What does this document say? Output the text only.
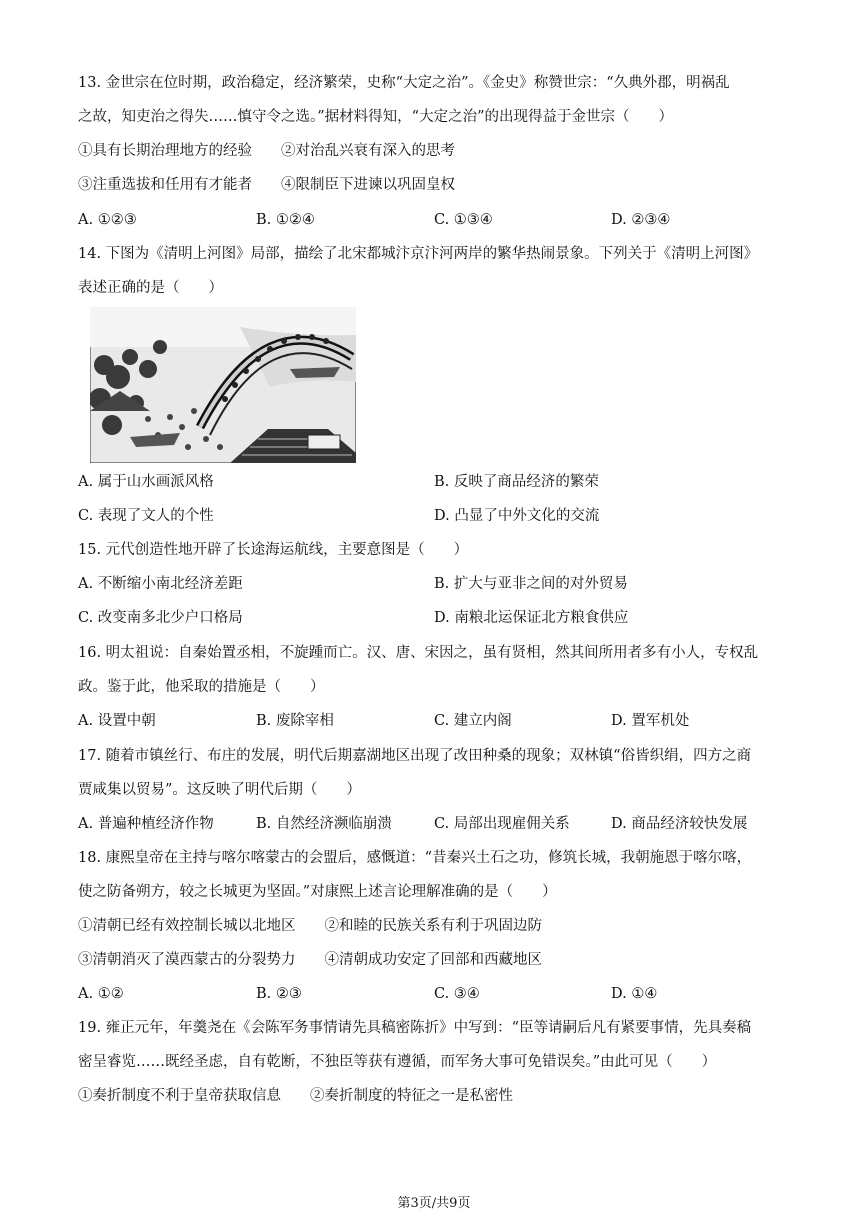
13. 金世宗在位时期，政治稳定，经济繁荣，史称“大定之治”。《金史》称赞世宗：“久典外郡，明祸乱
之故，知吏治之得失……慎守令之选。”据材料得知，“大定之治”的出现得益于金世宗（　　）
①具有长期治理地方的经验　　②对治乱兴衰有深入的思考
③注重选拔和任用有才能者　　④限制臣下进谏以巩固皇权
A. ①②③	B. ①②④	C. ①③④	D. ②③④
14. 下图为《清明上河图》局部，描绘了北宋都城汴京汴河两岸的繁华热闹景象。下列关于《清明上河图》
表述正确的是（　　）
A. 属于山水画派风格	B. 反映了商品经济的繁荣
C. 表现了文人的个性	D. 凸显了中外文化的交流
15. 元代创造性地开辟了长途海运航线，主要意图是（　　）
A. 不断缩小南北经济差距	B. 扩大与亚非之间的对外贸易
C. 改变南多北少户口格局	D. 南粮北运保证北方粮食供应
16. 明太祖说：自秦始置丞相，不旋踵而亡。汉、唐、宋因之，虽有贤相，然其间所用者多有小人，专权乱
政。鉴于此，他采取的措施是（　　）
A. 设置中朝	B. 废除宰相	C. 建立内阁	D. 置军机处
17. 随着市镇丝行、布庄的发展，明代后期嘉湖地区出现了改田种桑的现象；双林镇“俗皆织绢，四方之商
贾咸集以贸易”。这反映了明代后期（　　）
A. 普遍种植经济作物	B. 自然经济濒临崩溃	C. 局部出现雇佣关系	D. 商品经济较快发展
18. 康熙皇帝在主持与喀尔喀蒙古的会盟后，感慨道：“昔秦兴土石之功，修筑长城，我朝施恩于喀尔喀，
使之防备朔方，较之长城更为坚固。”对康熙上述言论理解准确的是（　　）
①清朝已经有效控制长城以北地区　　②和睦的民族关系有利于巩固边防
③清朝消灭了漠西蒙古的分裂势力　　④清朝成功安定了回部和西藏地区
A. ①②	B. ②③	C. ③④	D. ①④
19. 雍正元年，年羹尧在《会陈军务事情请先具稿密陈折》中写到：“臣等请嗣后凡有紧要事情，先具奏稿
密呈睿览……既经圣虑，自有乾断，不独臣等获有遵循，而军务大事可免错误矣。”由此可见（　　）
①奏折制度不利于皇帝获取信息　　②奏折制度的特征之一是私密性
第3页/共9页
